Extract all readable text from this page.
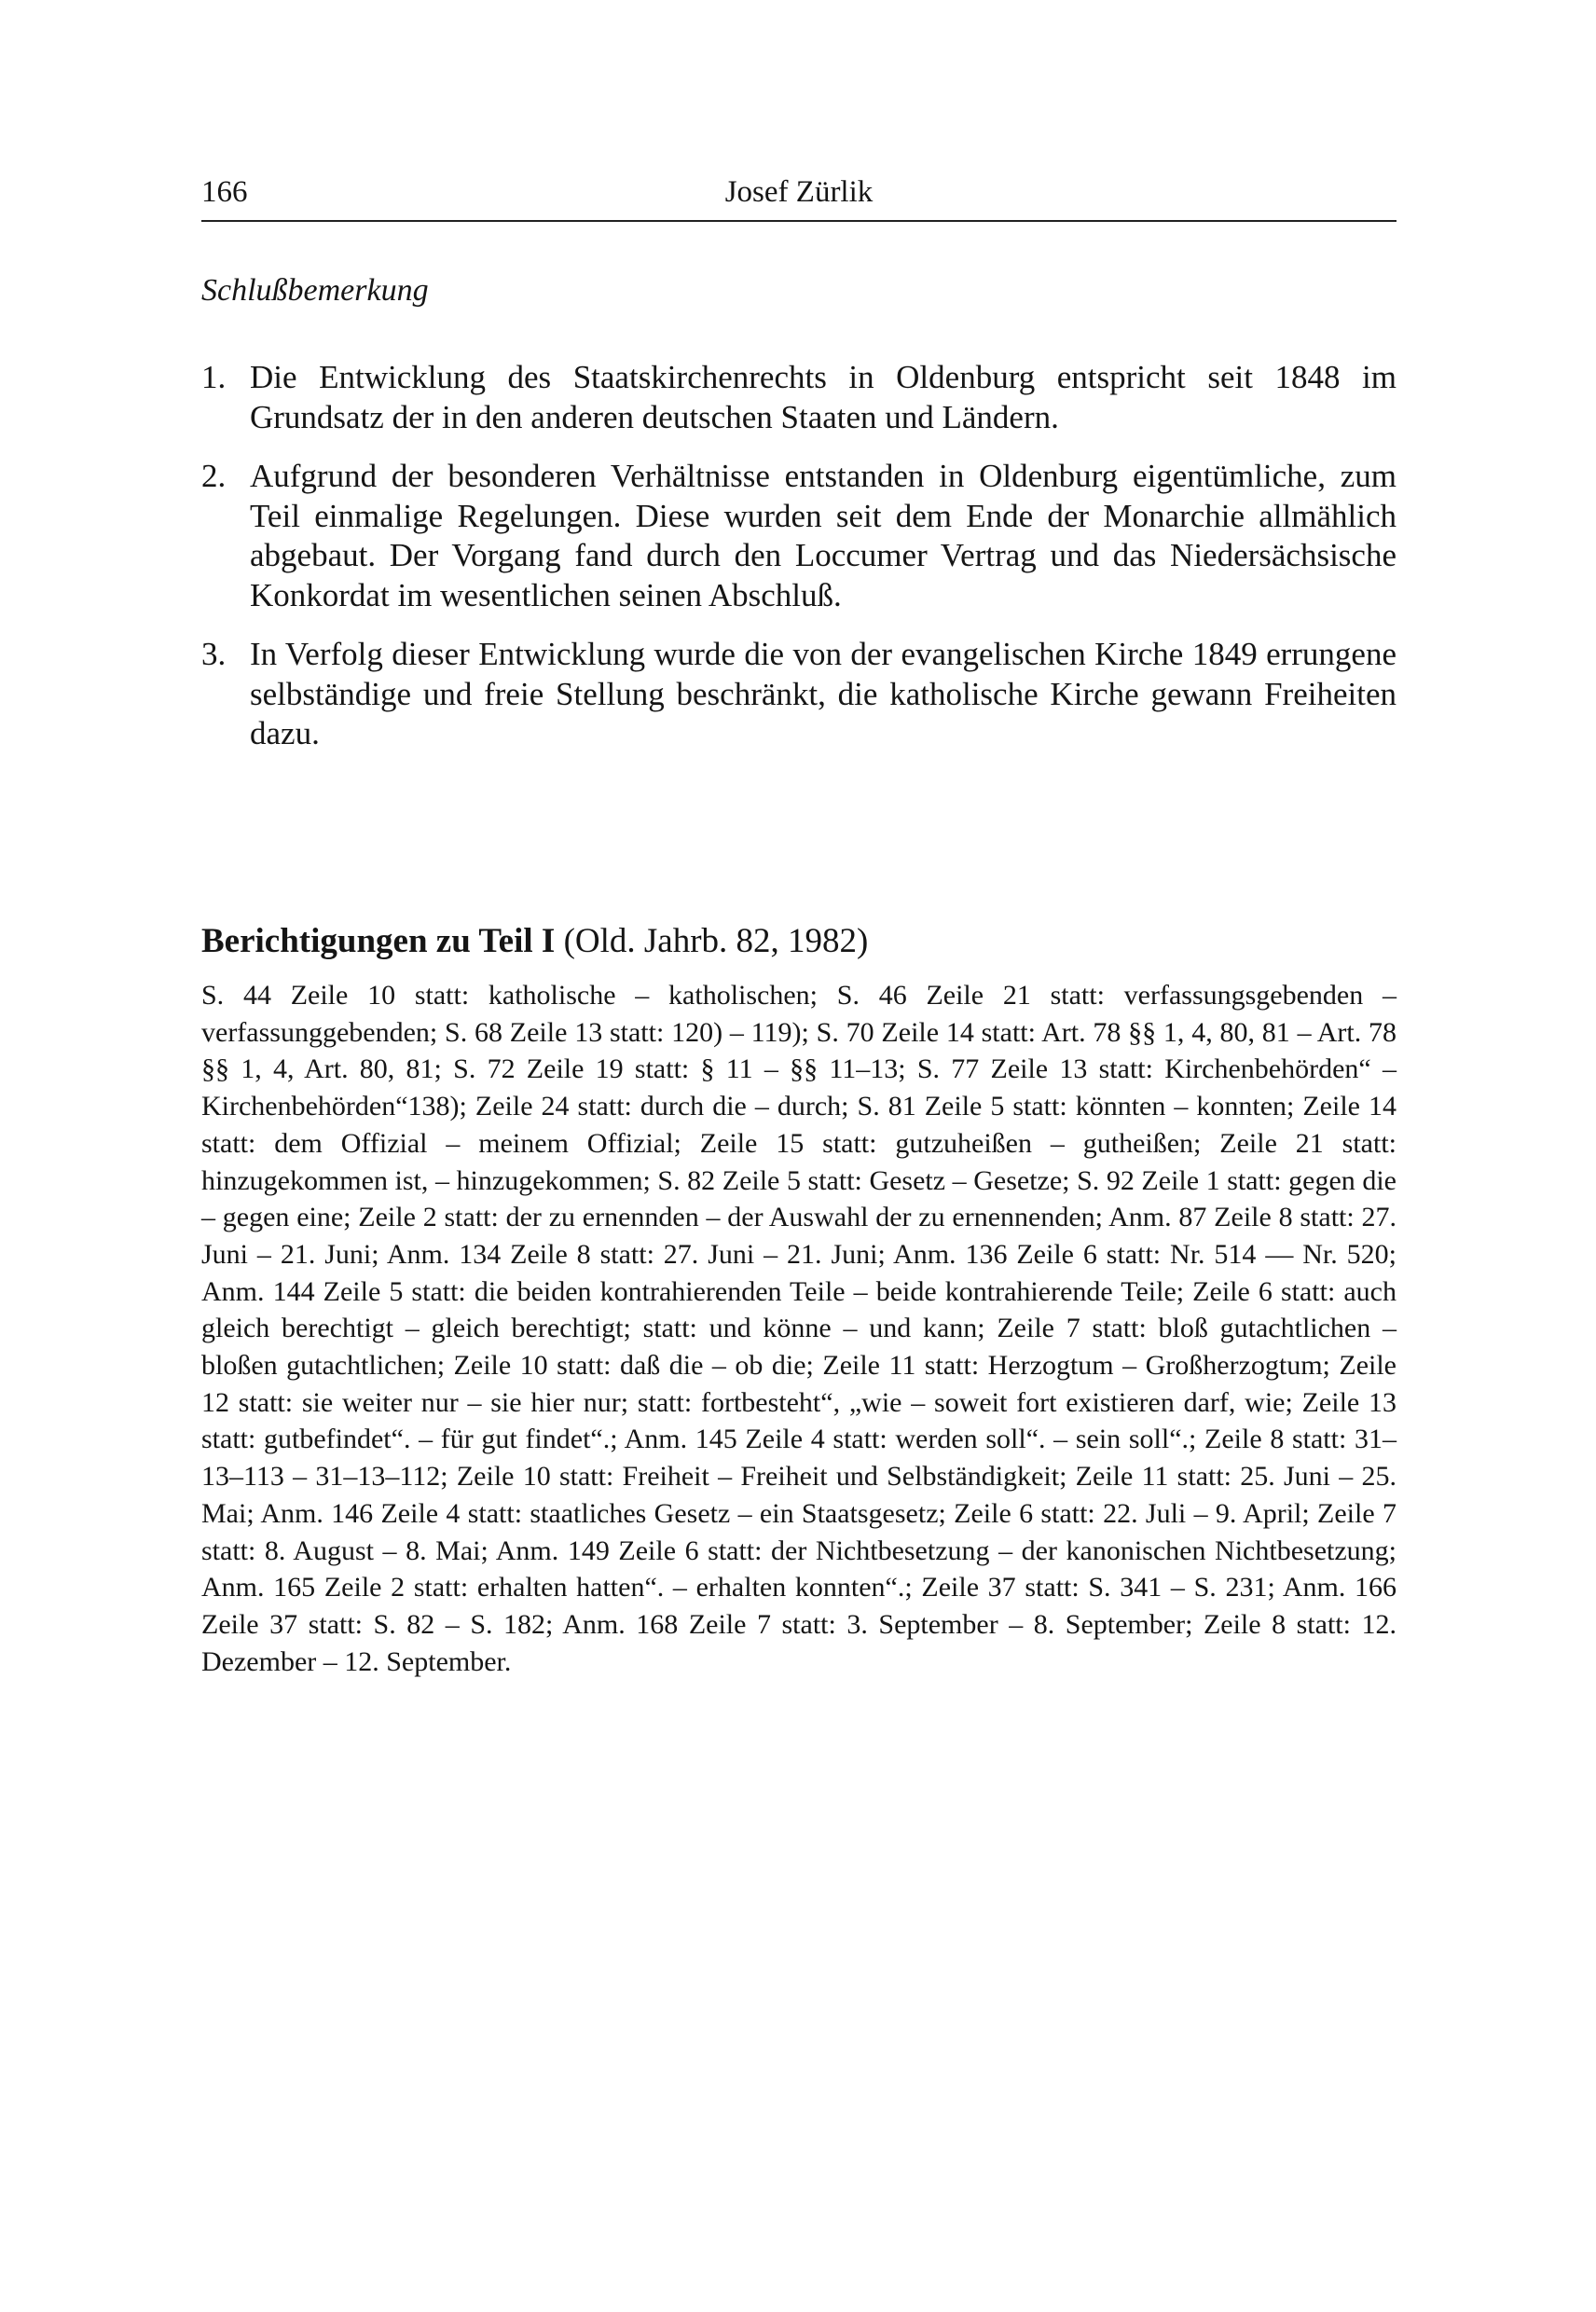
166	Josef Zürlik
Schlußbemerkung
1. Die Entwicklung des Staatskirchenrechts in Oldenburg entspricht seit 1848 im Grundsatz der in den anderen deutschen Staaten und Ländern.
2. Aufgrund der besonderen Verhältnisse entstanden in Oldenburg eigentümliche, zum Teil einmalige Regelungen. Diese wurden seit dem Ende der Monarchie allmählich abgebaut. Der Vorgang fand durch den Loccumer Vertrag und das Niedersächsische Konkordat im wesentlichen seinen Abschluß.
3. In Verfolg dieser Entwicklung wurde die von der evangelischen Kirche 1849 errungene selbständige und freie Stellung beschränkt, die katholische Kirche gewann Freiheiten dazu.
Berichtigungen zu Teil I (Old. Jahrb. 82, 1982)

S. 44 Zeile 10 statt: katholische – katholischen; S. 46 Zeile 21 statt: verfassungsgebenden – verfassunggebenden; S. 68 Zeile 13 statt: 120) – 119); S. 70 Zeile 14 statt: Art. 78 §§ 1, 4, 80, 81 – Art. 78 §§ 1, 4, Art. 80, 81; S. 72 Zeile 19 statt: § 11 – §§ 11–13; S. 77 Zeile 13 statt: Kirchenbehörden“ – Kirchenbehörden“138); Zeile 24 statt: durch die – durch; S. 81 Zeile 5 statt: könnten – konnten; Zeile 14 statt: dem Offizial – meinem Offizial; Zeile 15 statt: gutzuheißen – gutheißen; Zeile 21 statt: hinzugekommen ist, – hinzugekommen; S. 82 Zeile 5 statt: Gesetz – Gesetze; S. 92 Zeile 1 statt: gegen die – gegen eine; Zeile 2 statt: der zu ernennden – der Auswahl der zu ernennenden; Anm. 87 Zeile 8 statt: 27. Juni – 21. Juni; Anm. 134 Zeile 8 statt: 27. Juni – 21. Juni; Anm. 136 Zeile 6 statt: Nr. 514 — Nr. 520; Anm. 144 Zeile 5 statt: die beiden kontrahierenden Teile – beide kontrahierende Teile; Zeile 6 statt: auch gleich berechtigt – gleich berechtigt; statt: und könne – und kann; Zeile 7 statt: bloß gutachtlichen – bloßen gutachtlichen; Zeile 10 statt: daß die – ob die; Zeile 11 statt: Herzogtum – Großherzogtum; Zeile 12 statt: sie weiter nur – sie hier nur; statt: fortbesteht“, „wie – soweit fort existieren darf, wie; Zeile 13 statt: gutbefindet“. – für gut findet“.; Anm. 145 Zeile 4 statt: werden soll“. – sein soll“.; Zeile 8 statt: 31–13–113 – 31–13–112; Zeile 10 statt: Freiheit – Freiheit und Selbständigkeit; Zeile 11 statt: 25. Juni – 25. Mai; Anm. 146 Zeile 4 statt: staatliches Gesetz – ein Staatsgesetz; Zeile 6 statt: 22. Juli – 9. April; Zeile 7 statt: 8. August – 8. Mai; Anm. 149 Zeile 6 statt: der Nichtbesetzung – der kanonischen Nichtbesetzung; Anm. 165 Zeile 2 statt: erhalten hatten“. – erhalten konnten“.; Zeile 37 statt: S. 341 – S. 231; Anm. 166 Zeile 37 statt: S. 82 – S. 182; Anm. 168 Zeile 7 statt: 3. September – 8. September; Zeile 8 statt: 12. Dezember – 12. September.
